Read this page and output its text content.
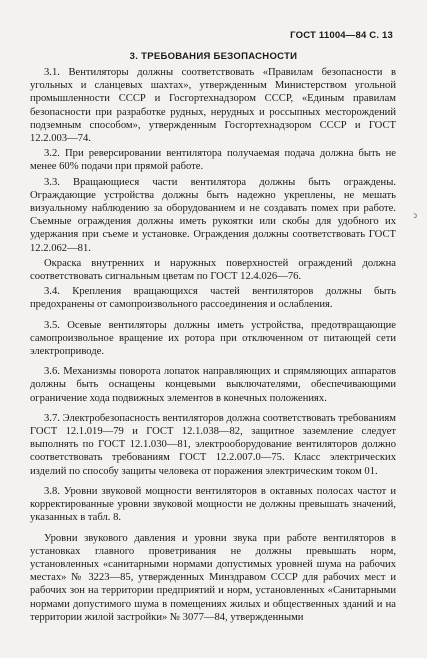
ГОСТ 11004—84 С. 13
3. ТРЕБОВАНИЯ БЕЗОПАСНОСТИ

3.1. Вентиляторы должны соответствовать «Правилам безопасности в угольных и сланцевых шахтах», утвержденным Министерством угольной промышленности СССР и Госгортехнадзором СССР, «Единым правилам безопасности при разработке рудных, нерудных и россыпных месторождений подземным способом», утвержденным Госгортехнадзором СССР и ГОСТ 12.2.003—74.

3.2. При реверсировании вентилятора получаемая подача должна быть не менее 60% подачи при прямой работе.

3.3. Вращающиеся части вентилятора должны быть ограждены. Ограждающие устройства должны быть надежно укреплены, не мешать визуальному наблюдению за оборудованием и не создавать помех при работе. Съемные ограждения должны иметь рукоятки или скобы для удобного их удержания при съеме и установке. Ограждения должны соответствовать ГОСТ 12.2.062—81.

Окраска внутренних и наружных поверхностей ограждений должна соответствовать сигнальным цветам по ГОСТ 12.4.026—76.

3.4. Крепления вращающихся частей вентиляторов должны быть предохранены от самопроизвольного рассоединения и ослабления.

3.5. Осевые вентиляторы должны иметь устройства, предотвращающие самопроизвольное вращение их ротора при отключенном от питающей сети электроприводе.

3.6. Механизмы поворота лопаток направляющих и спрямляющих аппаратов должны быть оснащены концевыми выключателями, обеспечивающими ограничение хода подвижных элементов в конечных положениях.

3.7. Электробезопасность вентиляторов должна соответствовать требованиям ГОСТ 12.1.019—79 и ГОСТ 12.1.038—82, защитное заземление следует выполнять по ГОСТ 12.1.030—81, электрооборудование вентиляторов должно соответствовать требованиям ГОСТ 12.2.007.0—75. Класс электрических изделий по способу защиты человека от поражения электрическим током 01.

3.8. Уровни звуковой мощности вентиляторов в октавных полосах частот и корректированные уровни звуковой мощности не должны превышать значений, указанных в табл. 8.

Уровни звукового давления и уровни звука при работе вентиляторов в установках главного проветривания не должны превышать норм, установленных «санитарными нормами допустимых уровней шума на рабочих местах» № 3223—85, утвержденных Минздравом СССР для рабочих мест и рабочих зон на территории предприятий и норм, установленных «Санитарными нормами допустимого шума в помещениях жилых и общественных зданий и на территории жилой застройки» № 3077—84, утвержденными

ↄ
